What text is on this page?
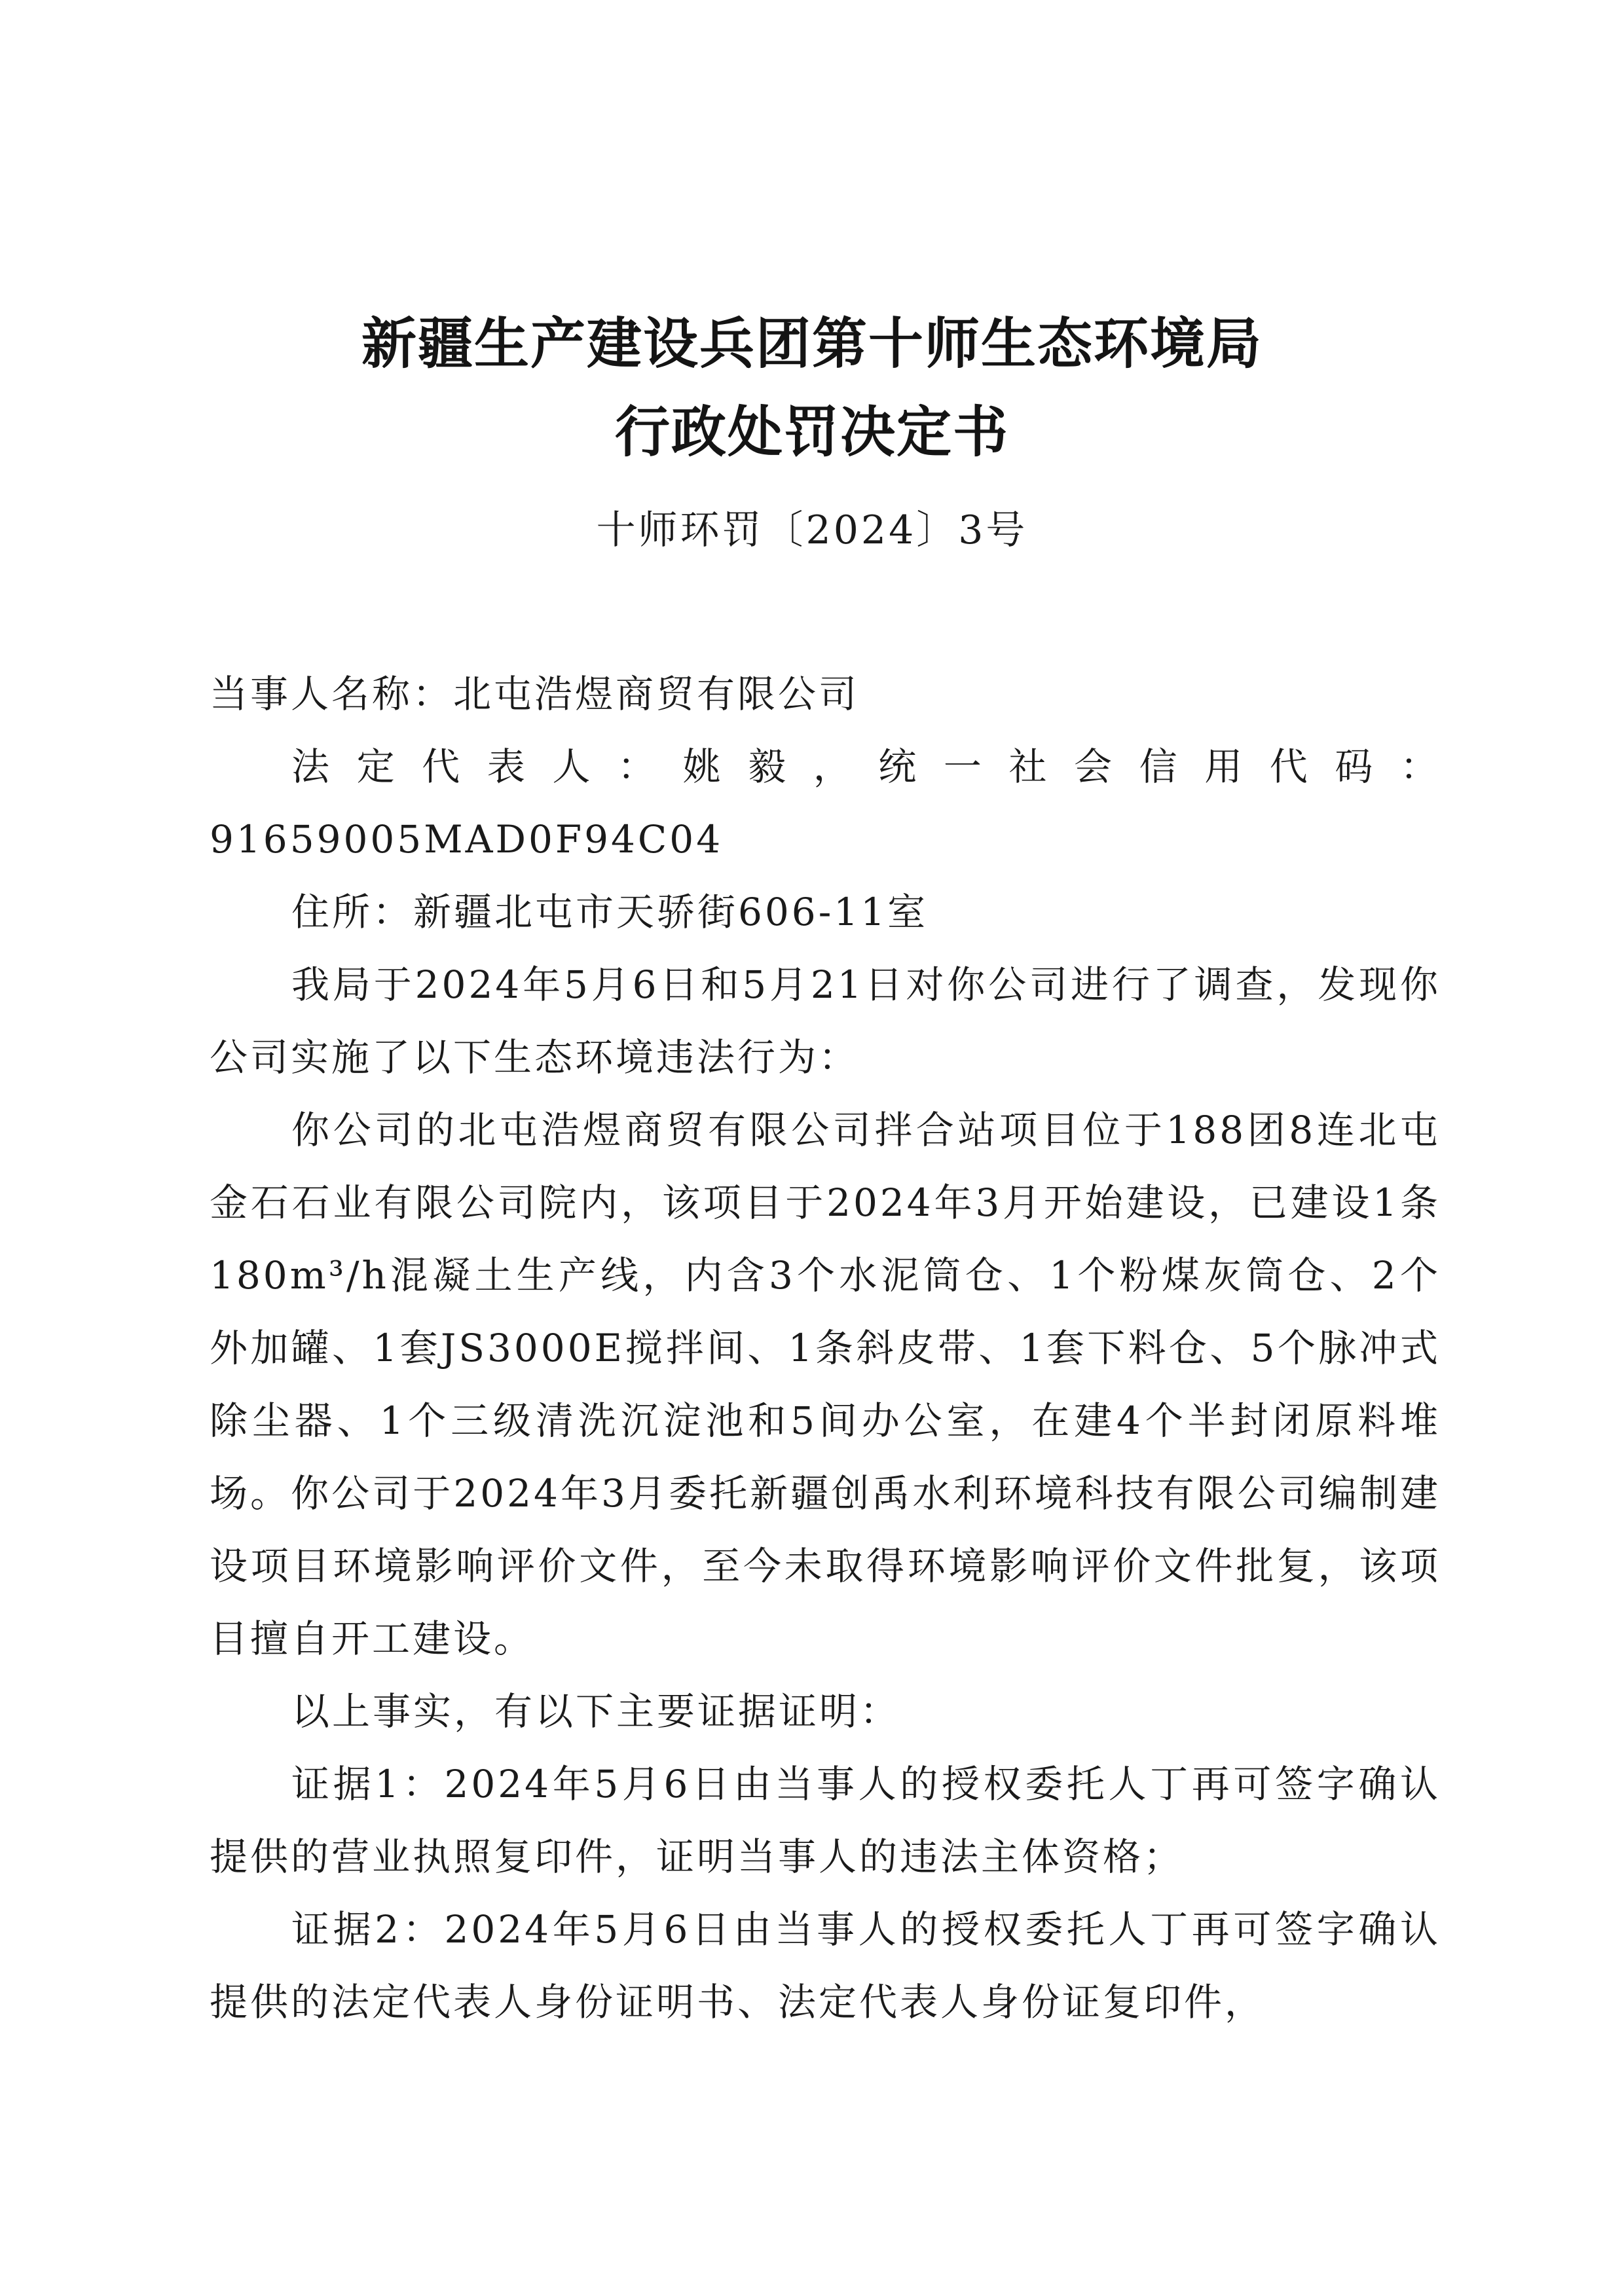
新疆生产建设兵团第十师生态环境局
行政处罚决定书
十师环罚〔2024〕3号

当事人名称：北屯浩煜商贸有限公司

法定代表人：姚毅，统一社会信用代码：91659005MAD0F94C04

住所：新疆北屯市天骄街606-11室

我局于2024年5月6日和5月21日对你公司进行了调查，发现你公司实施了以下生态环境违法行为：

你公司的北屯浩煜商贸有限公司拌合站项目位于188团8连北屯金石石业有限公司院内，该项目于2024年3月开始建设，已建设1条180m³/h混凝土生产线，内含3个水泥筒仓、1个粉煤灰筒仓、2个外加罐、1套JS3000E搅拌间、1条斜皮带、1套下料仓、5个脉冲式除尘器、1个三级清洗沉淀池和5间办公室，在建4个半封闭原料堆场。你公司于2024年3月委托新疆创禹水利环境科技有限公司编制建设项目环境影响评价文件，至今未取得环境影响评价文件批复，该项目擅自开工建设。

以上事实，有以下主要证据证明：

证据1：2024年5月6日由当事人的授权委托人丁再可签字确认提供的营业执照复印件，证明当事人的违法主体资格；

证据2：2024年5月6日由当事人的授权委托人丁再可签字确认提供的法定代表人身份证明书、法定代表人身份证复印件，
